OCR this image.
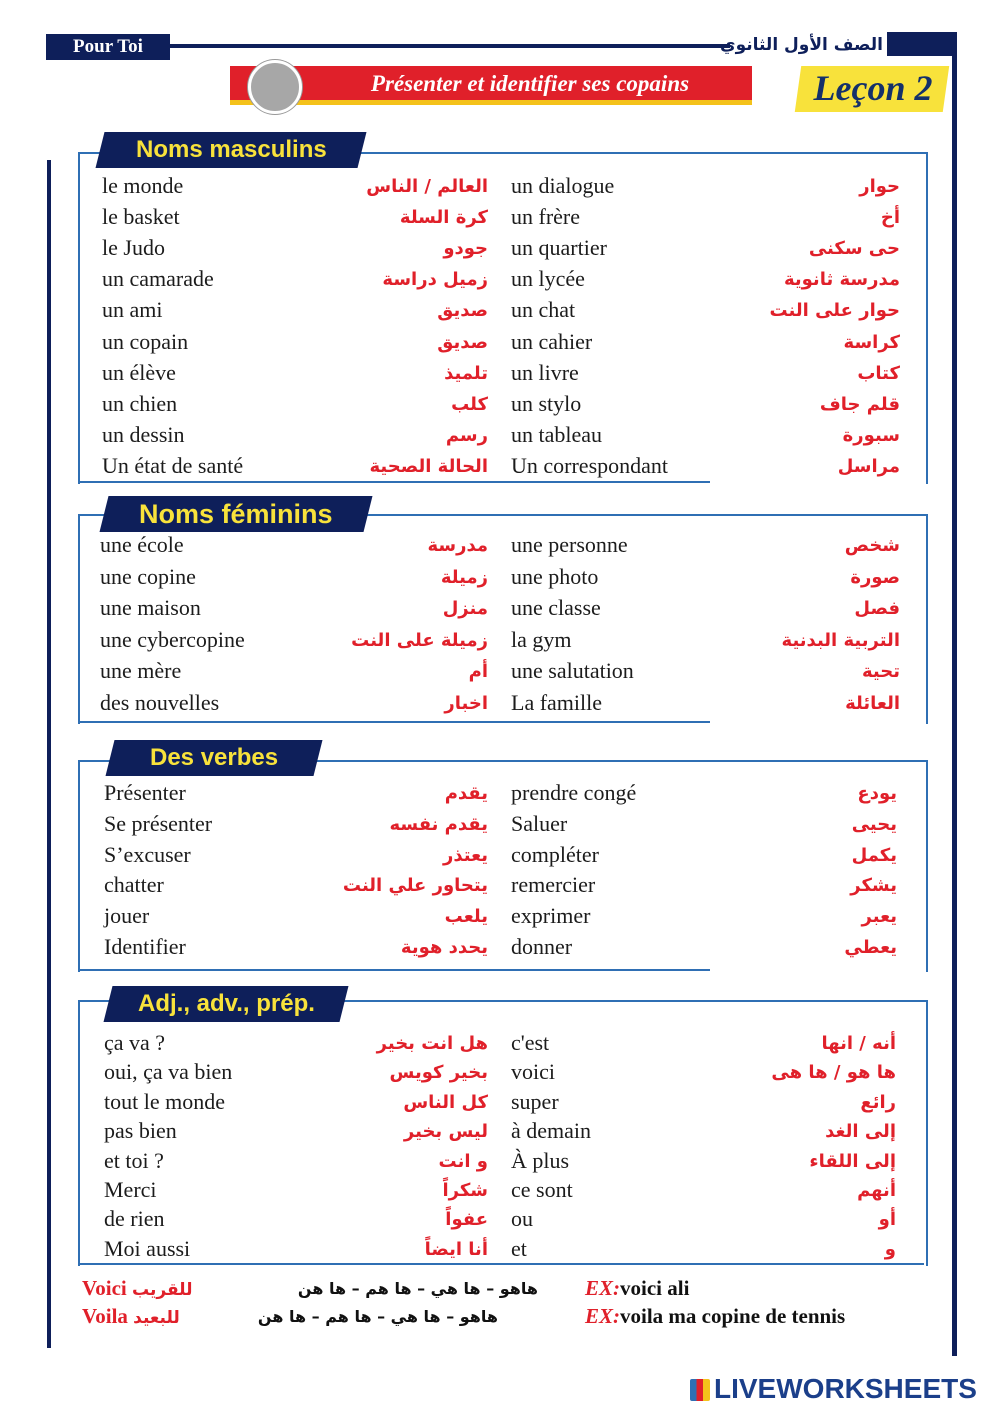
Pour Toi	الصف الأول الثانوي
Présenter et identifier ses copains	Leçon 2
Noms masculins
le monde	العالم / الناس un dialogue	حوار
le basket	كرة السلة un frère	أخ
le Judo	جودو un quartier	حى سكنى
un camarade	زميل دراسة un lycée	مدرسة ثانوية
un ami	صديق un chat	حوار على النت
un copain	صديق un cahier	كراسة
un élève	تلميذ un livre	كتاب
un chien	كلب un stylo	قلم جاف
un dessin	رسم un tableau	سبورة
Un état de santé	الحالة الصحية Un correspondant	مراسل
Noms féminins
une école	مدرسة une personne	شخص
une copine	زميلة une photo	صورة
une maison	منزل une classe	فصل
une cybercopine	زميلة على النت la gym	التربية البدنية
une mère	أم une salutation	تحية
des nouvelles	اخبار La famille	العائلة
Des verbes
Présenter	يقدم prendre congé	يودع
Se présenter	يقدم نفسه Saluer	يحيى
S’excuser	يعتذر compléter	يكمل
chatter	يتحاور علي النت remercier	يشكر
jouer	يلعب exprimer	يعبر
Identifier	يحدد هوية donner	يعطي
Adj., adv., prép.
ça va ?	هل انت بخير c'est	أنه / انها
oui, ça va bien	بخير كويس voici	ها هو / ها هى
tout le monde	كل الناس super	رائع
pas bien	ليس بخير à demain	إلى الغد
et toi ?	و انت À plus	إلى اللقاء
Merci	شكراً ce sont	أنهم
de rien	عفواً ou	أو
Moi aussi	أنا ايضاً et	و
Voici للقريب	هاهو – ها هي – ها هم – ها هن EX:voici ali
Voila للبعيد	هاهو – ها هي – ها هم – ها هن	EX:voila ma copine de tennis
LIVEWORKSHEETS
